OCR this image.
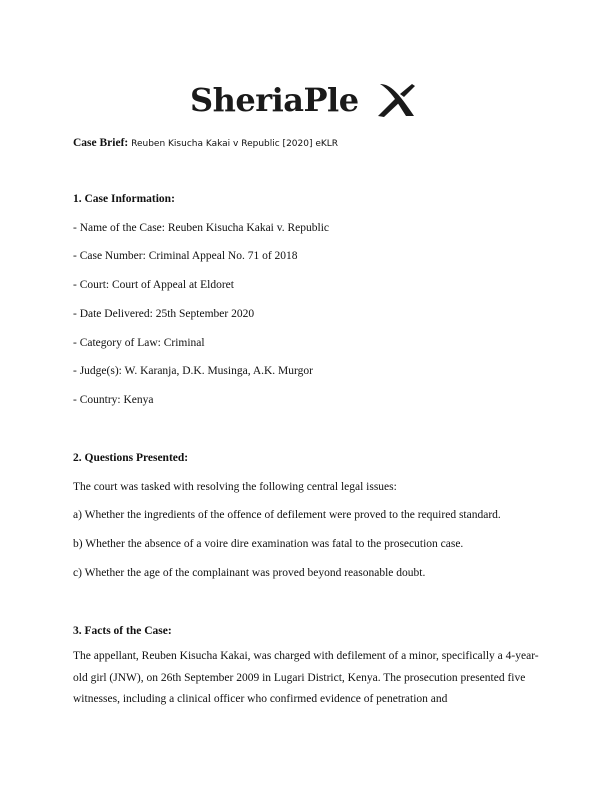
SheriaPle
Case Brief: Reuben Kisucha Kakai v Republic [2020] eKLR
1. Case Information:
- Name of the Case: Reuben Kisucha Kakai v. Republic
- Case Number: Criminal Appeal No. 71 of 2018
- Court: Court of Appeal at Eldoret
- Date Delivered: 25th September 2020
- Category of Law: Criminal
- Judge(s): W. Karanja, D.K. Musinga, A.K. Murgor
- Country: Kenya
2. Questions Presented:
The court was tasked with resolving the following central legal issues:
a) Whether the ingredients of the offence of defilement were proved to the required standard.
b) Whether the absence of a voire dire examination was fatal to the prosecution case.
c) Whether the age of the complainant was proved beyond reasonable doubt.
3. Facts of the Case:
The appellant, Reuben Kisucha Kakai, was charged with defilement of a minor, specifically a 4-year-old girl (JNW), on 26th September 2009 in Lugari District, Kenya. The prosecution presented five witnesses, including a clinical officer who confirmed evidence of penetration and
